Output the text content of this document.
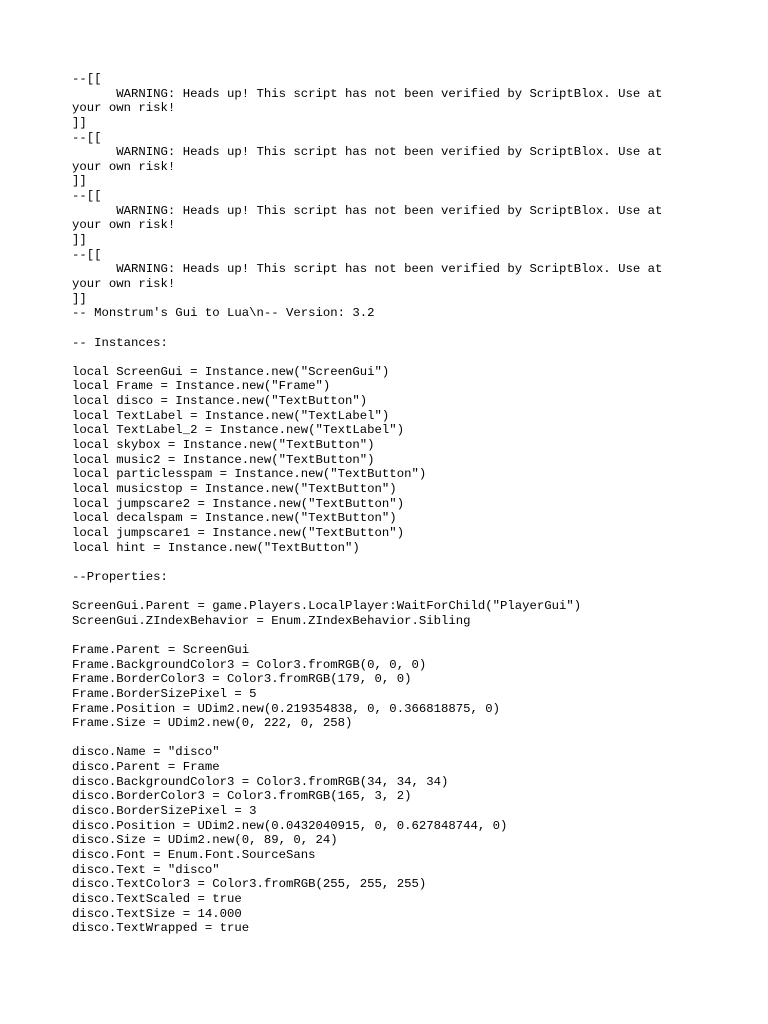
--[[
WARNING: Heads up! This script has not been verified by ScriptBlox. Use at
your own risk!
]]
--[[
WARNING: Heads up! This script has not been verified by ScriptBlox. Use at
your own risk!
]]
--[[
WARNING: Heads up! This script has not been verified by ScriptBlox. Use at
your own risk!
]]
--[[
WARNING: Heads up! This script has not been verified by ScriptBlox. Use at
your own risk!
]]
-- Monstrum's Gui to Lua\n-- Version: 3.2
-- Instances:
local ScreenGui = Instance.new("ScreenGui")
local Frame = Instance.new("Frame")
local disco = Instance.new("TextButton")
local TextLabel = Instance.new("TextLabel")
local TextLabel_2 = Instance.new("TextLabel")
local skybox = Instance.new("TextButton")
local music2 = Instance.new("TextButton")
local particlesspam = Instance.new("TextButton")
local musicstop = Instance.new("TextButton")
local jumpscare2 = Instance.new("TextButton")
local decalspam = Instance.new("TextButton")
local jumpscare1 = Instance.new("TextButton")
local hint = Instance.new("TextButton")
--Properties:
ScreenGui.Parent = game.Players.LocalPlayer:WaitForChild("PlayerGui")
ScreenGui.ZIndexBehavior = Enum.ZIndexBehavior.Sibling
Frame.Parent = ScreenGui
Frame.BackgroundColor3 = Color3.fromRGB(0, 0, 0)
Frame.BorderColor3 = Color3.fromRGB(179, 0, 0)
Frame.BorderSizePixel = 5
Frame.Position = UDim2.new(0.219354838, 0, 0.366818875, 0)
Frame.Size = UDim2.new(0, 222, 0, 258)
disco.Name = "disco"
disco.Parent = Frame
disco.BackgroundColor3 = Color3.fromRGB(34, 34, 34)
disco.BorderColor3 = Color3.fromRGB(165, 3, 2)
disco.BorderSizePixel = 3
disco.Position = UDim2.new(0.0432040915, 0, 0.627848744, 0)
disco.Size = UDim2.new(0, 89, 0, 24)
disco.Font = Enum.Font.SourceSans
disco.Text = "disco"
disco.TextColor3 = Color3.fromRGB(255, 255, 255)
disco.TextScaled = true
disco.TextSize = 14.000
disco.TextWrapped = true
